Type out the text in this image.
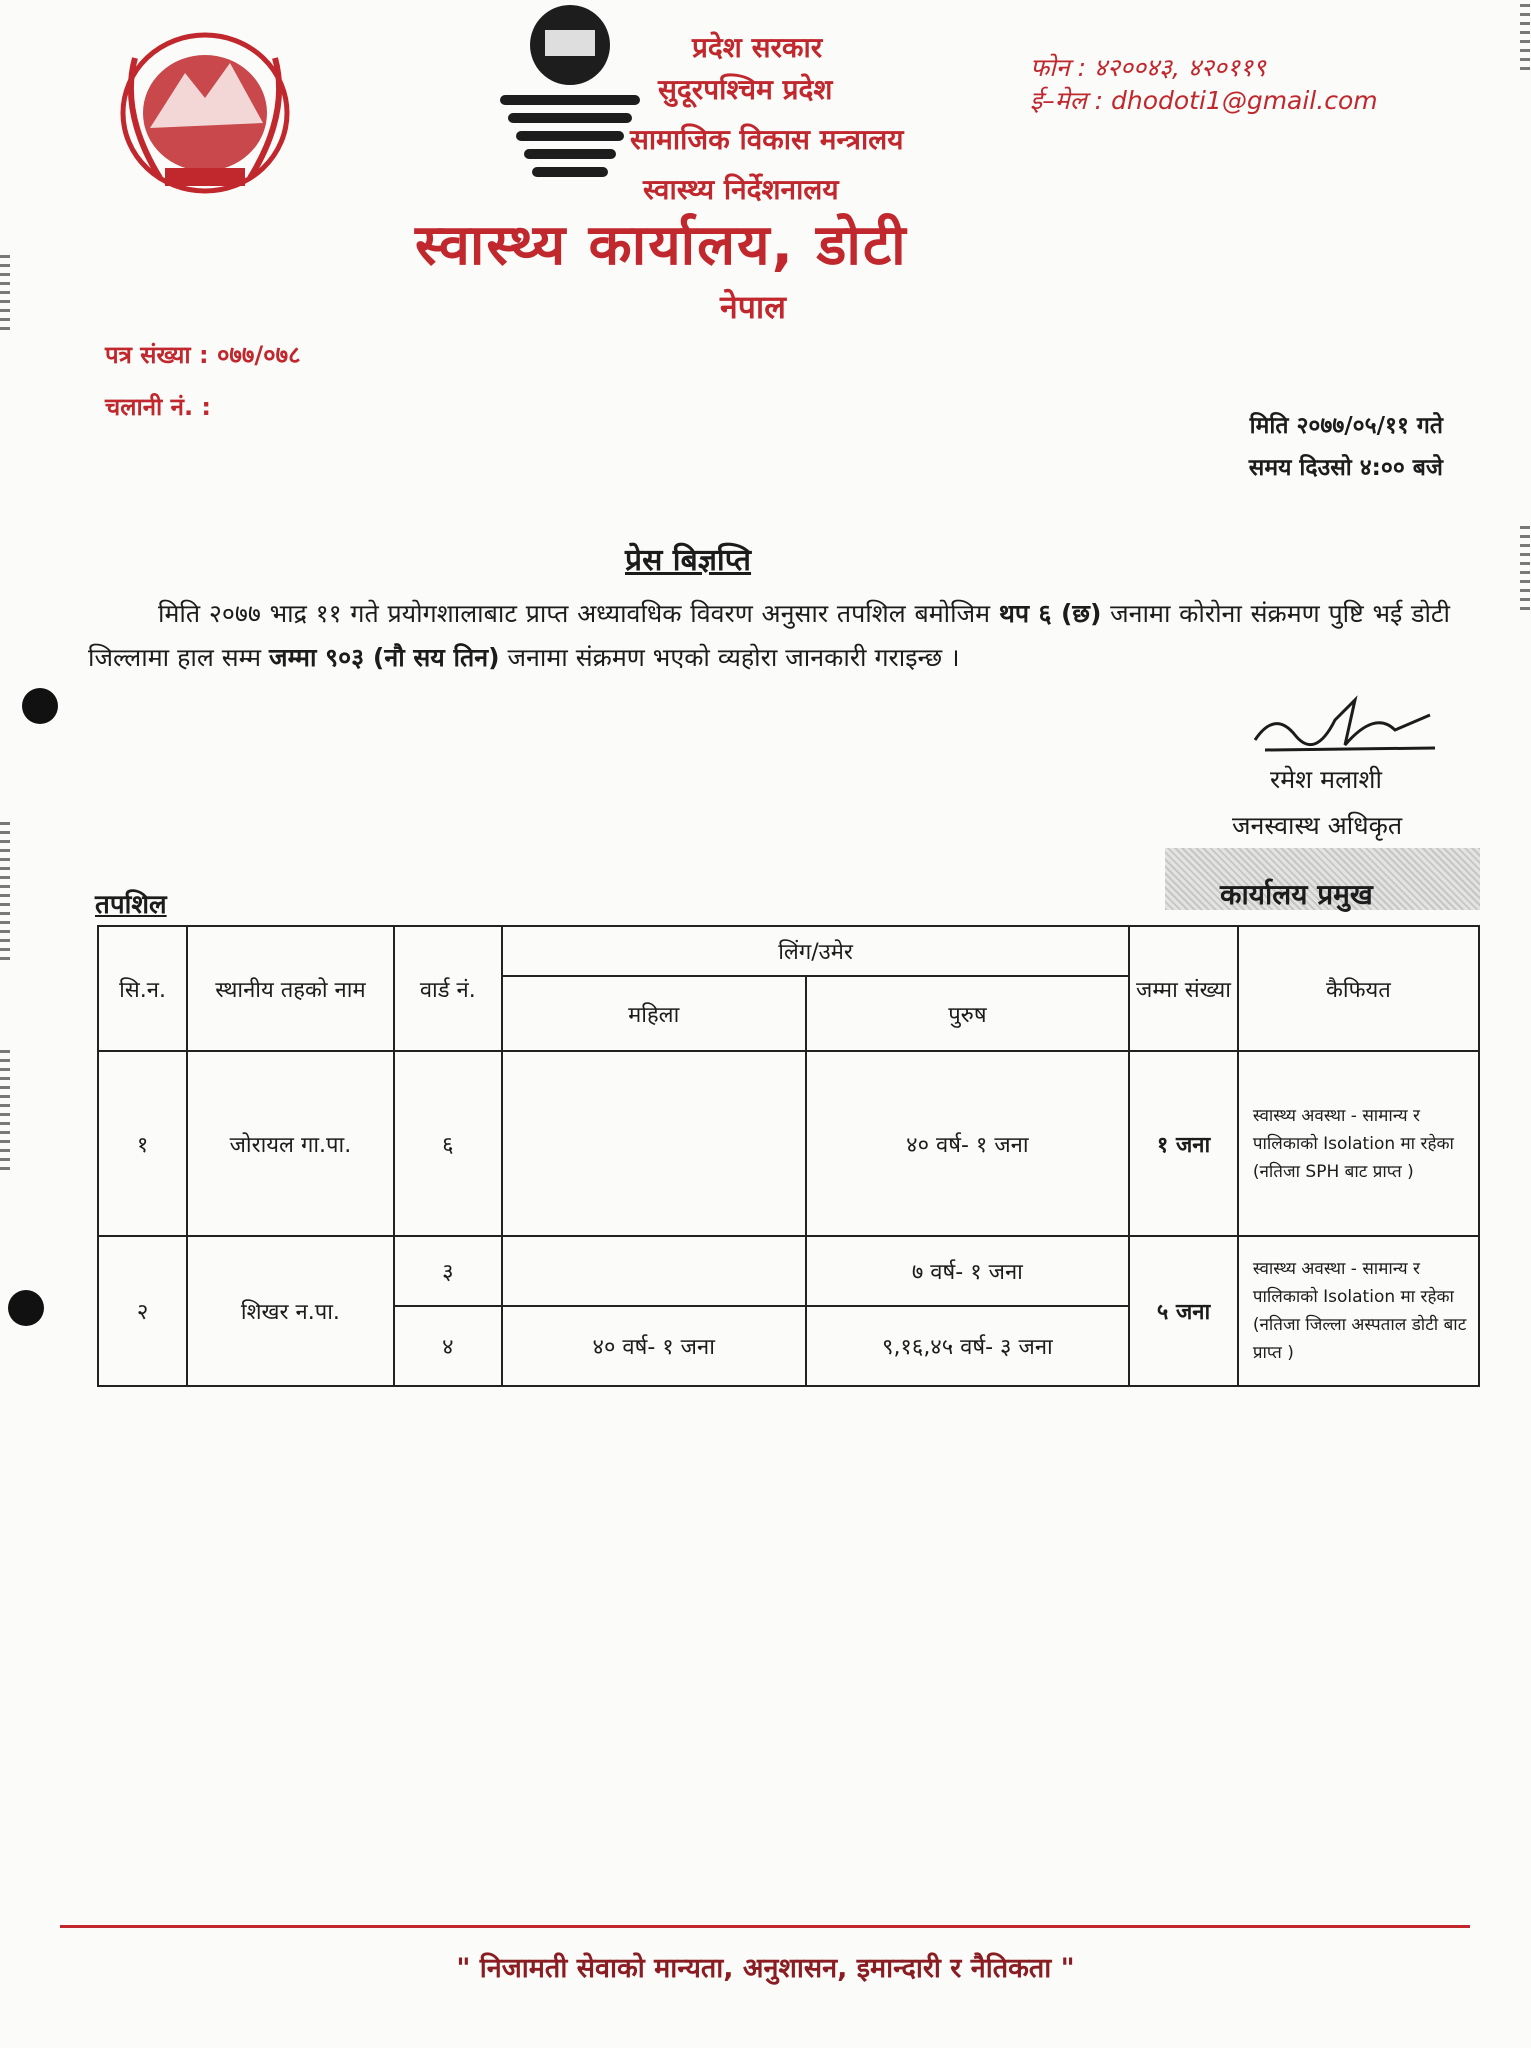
प्रदेश सरकार
सुदूरपश्चिम प्रदेश
सामाजिक विकास मन्त्रालय
स्वास्थ्य निर्देशनालय
स्वास्थ्य कार्यालय, डोटी
नेपाल
फोन : ४२००४३, ४२०११९
ई–मेल : dhodoti1@gmail.com
पत्र संख्या : ०७७/०७८
चलानी नं. :
मिति २०७७/०५/११ गते
समय दिउसो ४:०० बजे
प्रेस बिज्ञप्ति
मिति २०७७ भाद्र ११ गते प्रयोगशालाबाट प्राप्त अध्यावधिक विवरण अनुसार तपशिल बमोजिम थप ६ (छ) जनामा कोरोना संक्रमण पुष्टि भई डोटी जिल्लामा हाल सम्म जम्मा ९०३ (नौ सय तिन) जनामा संक्रमण भएको व्यहोरा जानकारी गराइन्छ ।
रमेश मलाशी
जनस्वास्थ अधिकृत
कार्यालय प्रमुख
तपशिल
सि.न.	स्थानीय तहको नाम	वार्ड नं.	लिंग/उमेर		जम्मा संख्या	कैफियत
			महिला	पुरुष		
१	जोरायल गा.पा.	६		४० वर्ष- १ जना	१ जना	स्वास्थ्य अवस्था - सामान्य र पालिकाको Isolation मा रहेका (नतिजा SPH बाट प्राप्त )
२	शिखर न.पा.	३		७ वर्ष- १ जना	५ जना	स्वास्थ्य अवस्था - सामान्य र पालिकाको Isolation मा रहेका (नतिजा जिल्ला अस्पताल डोटी बाट प्राप्त )
		४	४० वर्ष- १ जना	९,१६,४५ वर्ष- ३ जना		
" निजामती सेवाको मान्यता, अनुशासन, इमान्दारी र नैतिकता "
